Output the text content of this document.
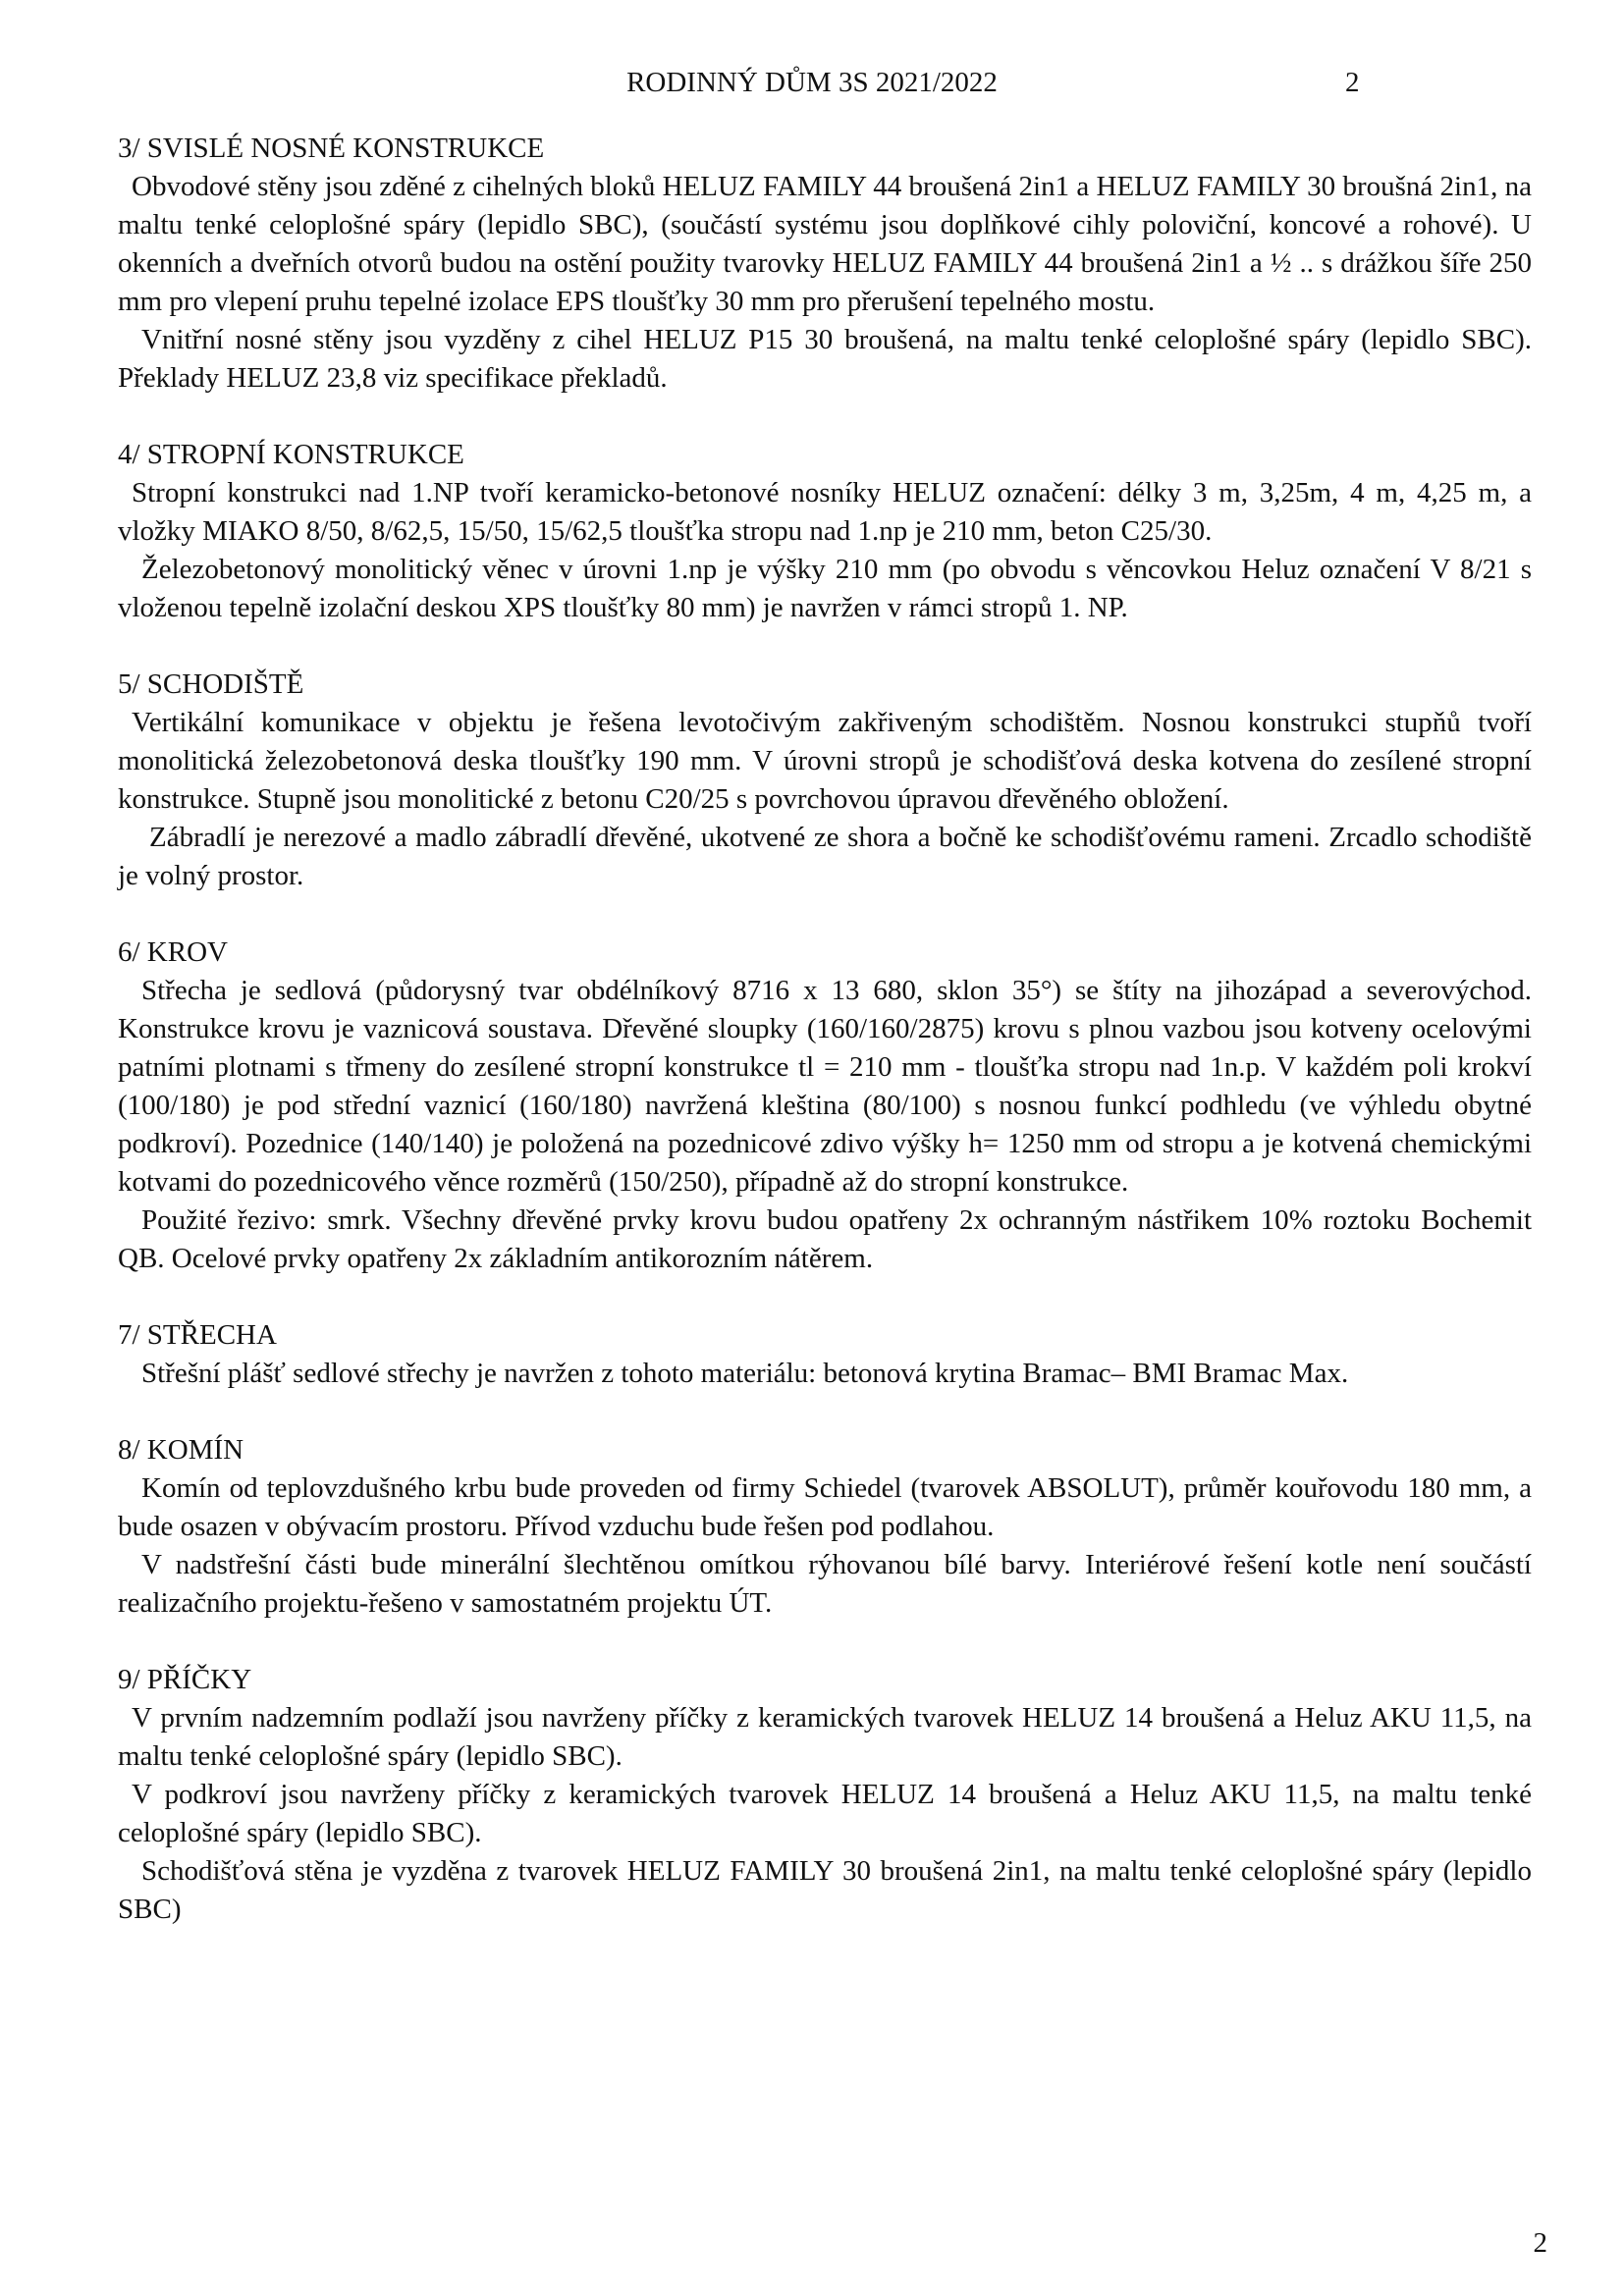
RODINNÝ DŮM 3S 2021/2022	2

3/ SVISLÉ NOSNÉ KONSTRUKCE

Obvodové stěny jsou zděné z cihelných bloků HELUZ FAMILY 44 broušená 2in1 a HELUZ FAMILY 30 broušná 2in1, na maltu tenké celoplošné spáry (lepidlo SBC), (součástí systému jsou doplňkové cihly poloviční, koncové a rohové). U okenních a dveřních otvorů budou na ostění použity tvarovky HELUZ FAMILY 44 broušená 2in1 a ½ .. s drážkou šíře 250 mm pro vlepení pruhu tepelné izolace EPS tloušťky 30 mm pro přerušení tepelného mostu.

Vnitřní nosné stěny jsou vyzděny z cihel HELUZ P15 30 broušená, na maltu tenké celoplošné spáry (lepidlo SBC). Překlady HELUZ 23,8 viz specifikace překladů.

4/ STROPNÍ KONSTRUKCE

Stropní konstrukci nad 1.NP tvoří keramicko-betonové nosníky HELUZ označení: délky 3 m, 3,25m, 4 m, 4,25 m, a vložky MIAKO 8/50, 8/62,5, 15/50, 15/62,5 tloušťka stropu nad 1.np je 210 mm, beton C25/30.

Železobetonový monolitický věnec v úrovni 1.np je výšky 210 mm (po obvodu s věncovkou Heluz označení V 8/21 s vloženou tepelně izolační deskou XPS tloušťky 80 mm) je navržen v rámci stropů 1. NP.

5/ SCHODIŠTĚ

Vertikální komunikace v objektu je řešena levotočivým zakřiveným schodištěm. Nosnou konstrukci stupňů tvoří monolitická železobetonová deska tloušťky 190 mm. V úrovni stropů je schodišťová deska kotvena do zesílené stropní konstrukce. Stupně jsou monolitické z betonu C20/25 s povrchovou úpravou dřevěného obložení.

Zábradlí je nerezové a madlo zábradlí dřevěné, ukotvené ze shora a bočně ke schodišťovému rameni. Zrcadlo schodiště je volný prostor.

6/ KROV

Střecha je sedlová (půdorysný tvar obdélníkový 8716 x 13 680, sklon 35°) se štíty na jihozápad a severovýchod. Konstrukce krovu je vaznicová soustava. Dřevěné sloupky (160/160/2875) krovu s plnou vazbou jsou kotveny ocelovými patními plotnami s třmeny do zesílené stropní konstrukce tl = 210 mm - tloušťka stropu nad 1n.p. V každém poli krokví (100/180) je pod střední vaznicí (160/180) navržená kleština (80/100) s nosnou funkcí podhledu (ve výhledu obytné podkroví). Pozednice (140/140) je položená na pozednicové zdivo výšky h= 1250 mm od stropu a je kotvená chemickými kotvami do pozednicového věnce rozměrů (150/250), případně až do stropní konstrukce.

Použité řezivo: smrk. Všechny dřevěné prvky krovu budou opatřeny 2x ochranným nástřikem 10% roztoku Bochemit QB. Ocelové prvky opatřeny 2x základním antikorozním nátěrem.

7/ STŘECHA

Střešní plášť sedlové střechy je navržen z tohoto materiálu: betonová krytina Bramac– BMI Bramac Max.

8/ KOMÍN

Komín od teplovzdušného krbu bude proveden od firmy Schiedel (tvarovek ABSOLUT), průměr kouřovodu 180 mm, a bude osazen v obývacím prostoru. Přívod vzduchu bude řešen pod podlahou.

V nadstřešní části bude minerální šlechtěnou omítkou rýhovanou bílé barvy. Interiérové řešení kotle není součástí realizačního projektu-řešeno v samostatném projektu ÚT.

9/ PŘÍČKY

V prvním nadzemním podlaží jsou navrženy příčky z keramických tvarovek HELUZ 14 broušená a Heluz AKU 11,5, na maltu tenké celoplošné spáry (lepidlo SBC).

V podkroví jsou navrženy příčky z keramických tvarovek HELUZ 14 broušená a Heluz AKU 11,5, na maltu tenké celoplošné spáry (lepidlo SBC).

Schodišťová stěna je vyzděna z tvarovek HELUZ FAMILY 30 broušená 2in1, na maltu tenké celoplošné spáry (lepidlo SBC)

2
